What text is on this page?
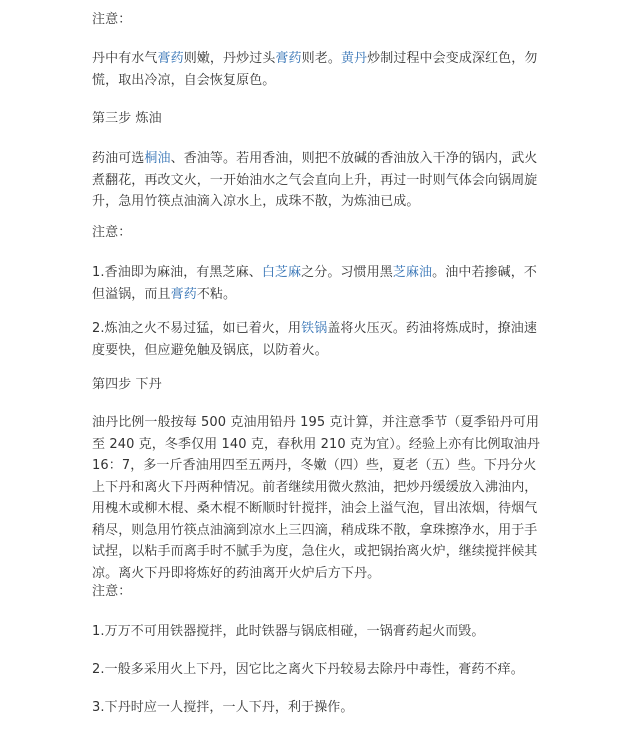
注意：

丹中有水气膏药则嫩，丹炒过头膏药则老。黄丹炒制过程中会变成深红色，勿慌，取出冷凉，自会恢复原色。

第三步 炼油

药油可选桐油、香油等。若用香油，则把不放碱的香油放入干净的锅内，武火煮翻花，再改文火，一开始油水之气会直向上升，再过一时则气体会向锅周旋升，急用竹筷点油滴入凉水上，成珠不散，为炼油已成。

注意：

1.香油即为麻油，有黑芝麻、白芝麻之分。习惯用黑芝麻油。油中若掺碱，不但溢锅，而且膏药不粘。

2.炼油之火不易过猛，如已着火，用铁锅盖将火压灭。药油将炼成时，撩油速度要快，但应避免触及锅底，以防着火。

第四步 下丹

油丹比例一般按每 500 克油用铅丹 195 克计算，并注意季节（夏季铅丹可用至 240 克，冬季仅用 140 克，春秋用 210 克为宜）。经验上亦有比例取油丹 16：7，多一斤香油用四至五两丹，冬嫩（四）些，夏老（五）些。下丹分火上下丹和离火下丹两种情况。前者继续用微火熬油，把炒丹缓缓放入沸油内，用槐木或柳木棍、桑木棍不断顺时针搅拌，油会上溢气泡，冒出浓烟，待烟气稍尽，则急用竹筷点油滴到凉水上三四滴，稍成珠不散，拿珠擦净水，用于手试捏，以粘手而离手时不腻手为度，急住火，或把锅抬离火炉，继续搅拌候其凉。离火下丹即将炼好的药油离开火炉后方下丹。

注意：

1.万万不可用铁器搅拌，此时铁器与锅底相碰，一锅膏药起火而毁。

2.一般多采用火上下丹，因它比之离火下丹较易去除丹中毒性，膏药不痒。

3.下丹时应一人搅拌，一人下丹，利于操作。
